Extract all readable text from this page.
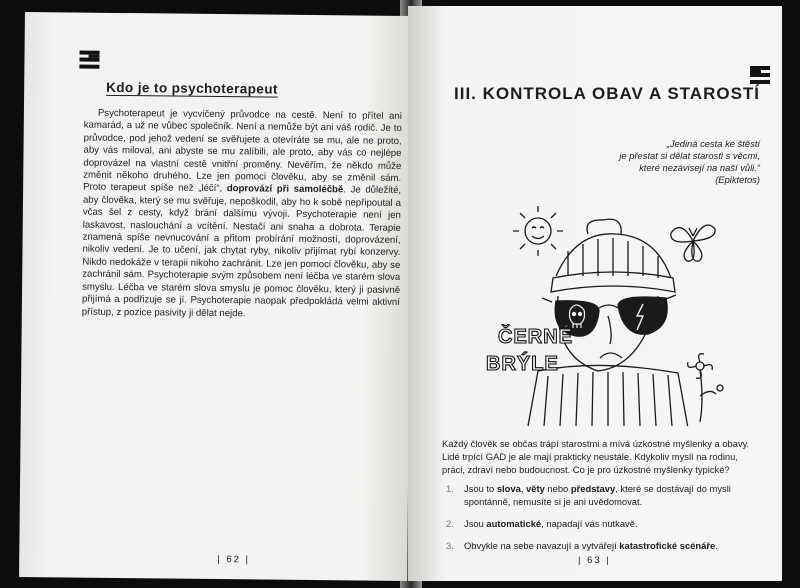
Kdo je to psychoterapeut

Psychoterapeut je vycvičený průvodce na cestě. Není to přítel ani kamarád, a už ne vůbec společník. Není a nemůže být ani váš rodič. Je to průvodce, pod jehož vedení se svěřujete a otevíráte se mu, ale ne proto, aby vás miloval, ani abyste se mu zalíbili, ale proto, aby vás co nejlépe doprovázel na vlastní cestě vnitřní proměny. Nevěřím, že někdo může změnit někoho druhého. Lze jen pomoci člověku, aby se změnil sám. Proto terapeut spíše než „léčí“, doprovází při samoléčbě. Je důležité, aby člověka, který se mu svěřuje, nepoškodil, aby ho k sobě nepřipoutal a včas šel z cesty, když brání dalšímu vývoji. Psychoterapie není jen laskavost, naslouchání a vcítění. Nestačí ani snaha a dobrota. Terapie znamená spíše nevnucování a přitom probírání možností, doprovázení, nikoliv vedení. Je to učení, jak chytat ryby, nikoliv přijímat rybí konzervy. Nikdo nedokáže v terapii nikoho zachránit. Lze jen pomoci člověku, aby se zachránil sám. Psychoterapie svým způsobem není léčba ve starém slova smyslu. Léčba ve starém slova smyslu je pomoc člověku, který ji pasivně přijímá a podřizuje se jí. Psychoterapie naopak předpokládá velmi aktivní přístup, z pozice pasivity ji dělat nejde.

| 62 |
III. KONTROLA OBAV A STAROSTÍ
„Jediná cesta ke štěstí
je přestat si dělat starosti s věcmi,
které nezávisejí na naší vůli.“
(Epiktetos)
ČERNÉ
BRÝLE

Každý člověk se občas trápí starostmi a mívá úzkostné myšlenky a obavy. Lidé trpící GAD je ale mají prakticky neustále. Kdykoliv myslí na rodinu, práci, zdraví nebo budoucnost. Co je pro úzkostné myšlenky typické?

1. Jsou to slova, věty nebo představy, které se dostávají do mysli spontánně, nemusíte si je ani uvědomovat.
2. Jsou automatické, napadají vás nutkavě.
3. Obvykle na sebe navazují a vytvářejí katastrofické scénáře.
| 63 |
